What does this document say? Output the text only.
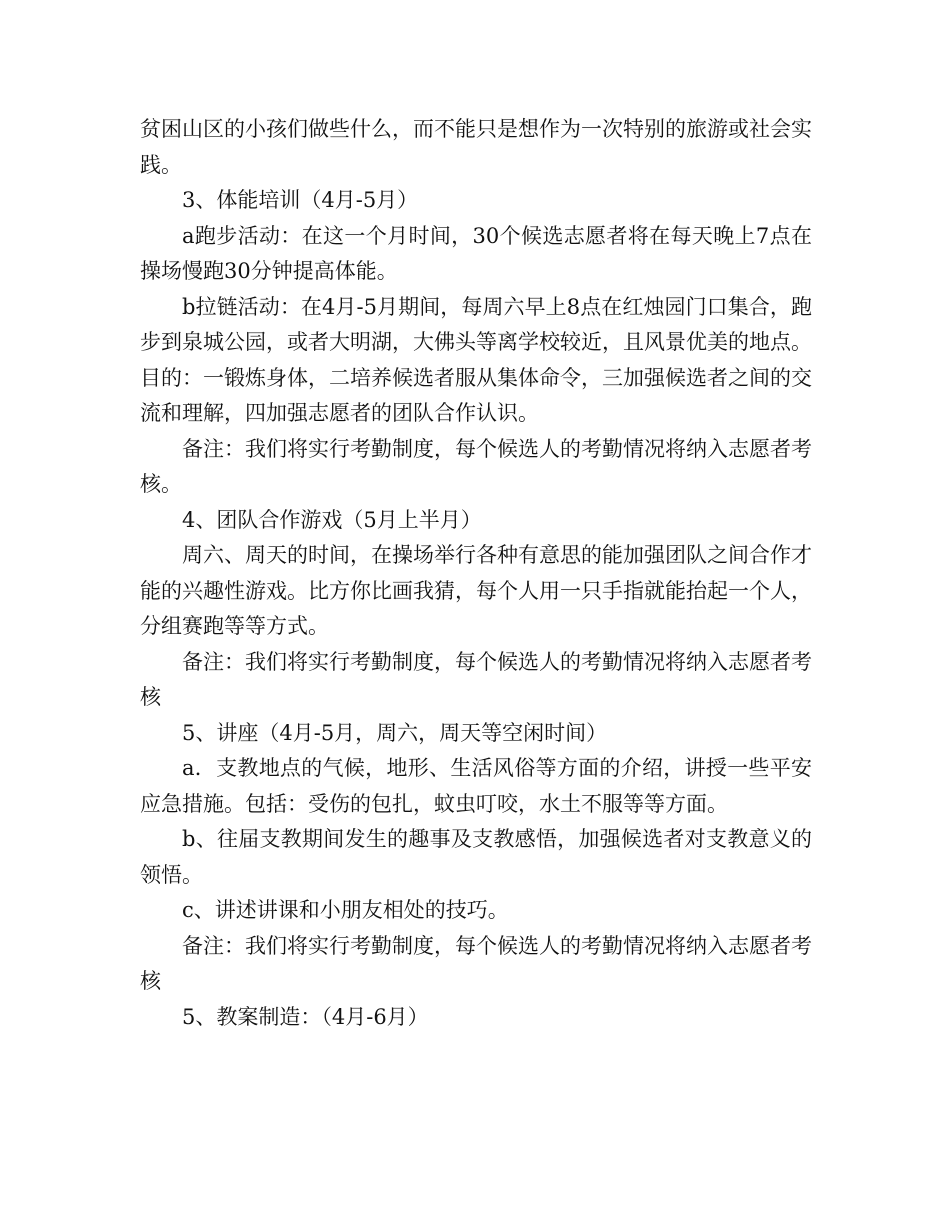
贫困山区的小孩们做些什么，而不能只是想作为一次特别的旅游或社会实践。

3、体能培训（4月-5月）

a跑步活动：在这一个月时间，30个候选志愿者将在每天晚上7点在操场慢跑30分钟提高体能。

b拉链活动：在4月-5月期间，每周六早上8点在红烛园门口集合，跑步到泉城公园，或者大明湖，大佛头等离学校较近，且风景优美的地点。目的：一锻炼身体，二培养候选者服从集体命令，三加强候选者之间的交流和理解，四加强志愿者的团队合作认识。

备注：我们将实行考勤制度，每个候选人的考勤情况将纳入志愿者考核。

4、团队合作游戏（5月上半月）

周六、周天的时间，在操场举行各种有意思的能加强团队之间合作才能的兴趣性游戏。比方你比画我猜，每个人用一只手指就能抬起一个人，分组赛跑等等方式。

备注：我们将实行考勤制度，每个候选人的考勤情况将纳入志愿者考核

5、讲座（4月-5月，周六，周天等空闲时间）

a．支教地点的气候，地形、生活风俗等方面的介绍，讲授一些平安应急措施。包括：受伤的包扎，蚊虫叮咬，水土不服等等方面。

b、往届支教期间发生的趣事及支教感悟，加强候选者对支教意义的领悟。

c、讲述讲课和小朋友相处的技巧。

备注：我们将实行考勤制度，每个候选人的考勤情况将纳入志愿者考核

5、教案制造：（4月-6月）
